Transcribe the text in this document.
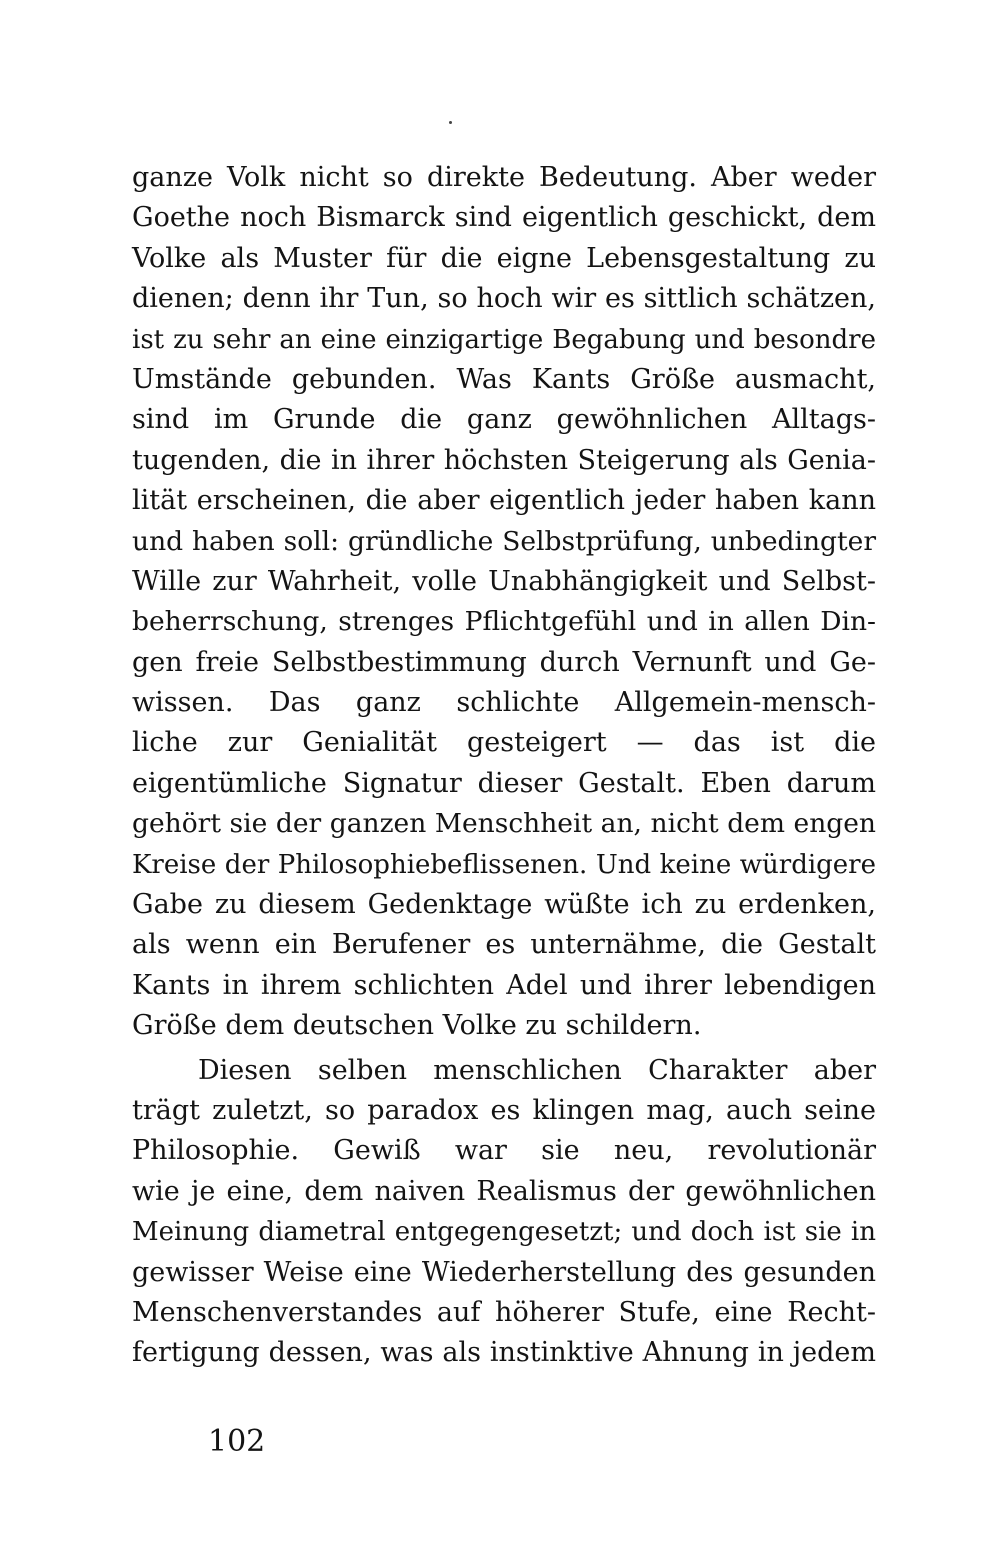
ganze Volk nicht so direkte Bedeutung. Aber weder
Goethe noch Bismarck sind eigentlich geschickt, dem
Volke als Muster für die eigne Lebensgestaltung zu
dienen; denn ihr Tun, so hoch wir es sittlich schätzen,
ist zu sehr an eine einzigartige Begabung und besondre
Umstände gebunden. Was Kants Größe ausmacht,
sind im Grunde die ganz gewöhnlichen Alltags-
tugenden, die in ihrer höchsten Steigerung als Genia-
lität erscheinen, die aber eigentlich jeder haben kann
und haben soll: gründliche Selbstprüfung, unbedingter
Wille zur Wahrheit, volle Unabhängigkeit und Selbst-
beherrschung, strenges Pflichtgefühl und in allen Din-
gen freie Selbstbestimmung durch Vernunft und Ge-
wissen. Das ganz schlichte Allgemein-mensch-
liche zur Genialität gesteigert — das ist die
eigentümliche Signatur dieser Gestalt. Eben darum
gehört sie der ganzen Menschheit an, nicht dem engen
Kreise der Philosophiebeflissenen. Und keine würdigere
Gabe zu diesem Gedenktage wüßte ich zu erdenken,
als wenn ein Berufener es unternähme, die Gestalt
Kants in ihrem schlichten Adel und ihrer lebendigen
Größe dem deutschen Volke zu schildern.
Diesen selben menschlichen Charakter aber
trägt zuletzt, so paradox es klingen mag, auch seine
Philosophie. Gewiß war sie neu, revolutionär
wie je eine, dem naiven Realismus der gewöhnlichen
Meinung diametral entgegengesetzt; und doch ist sie in
gewisser Weise eine Wiederherstellung des gesunden
Menschenverstandes auf höherer Stufe, eine Recht-
fertigung dessen, was als instinktive Ahnung in jedem
102
